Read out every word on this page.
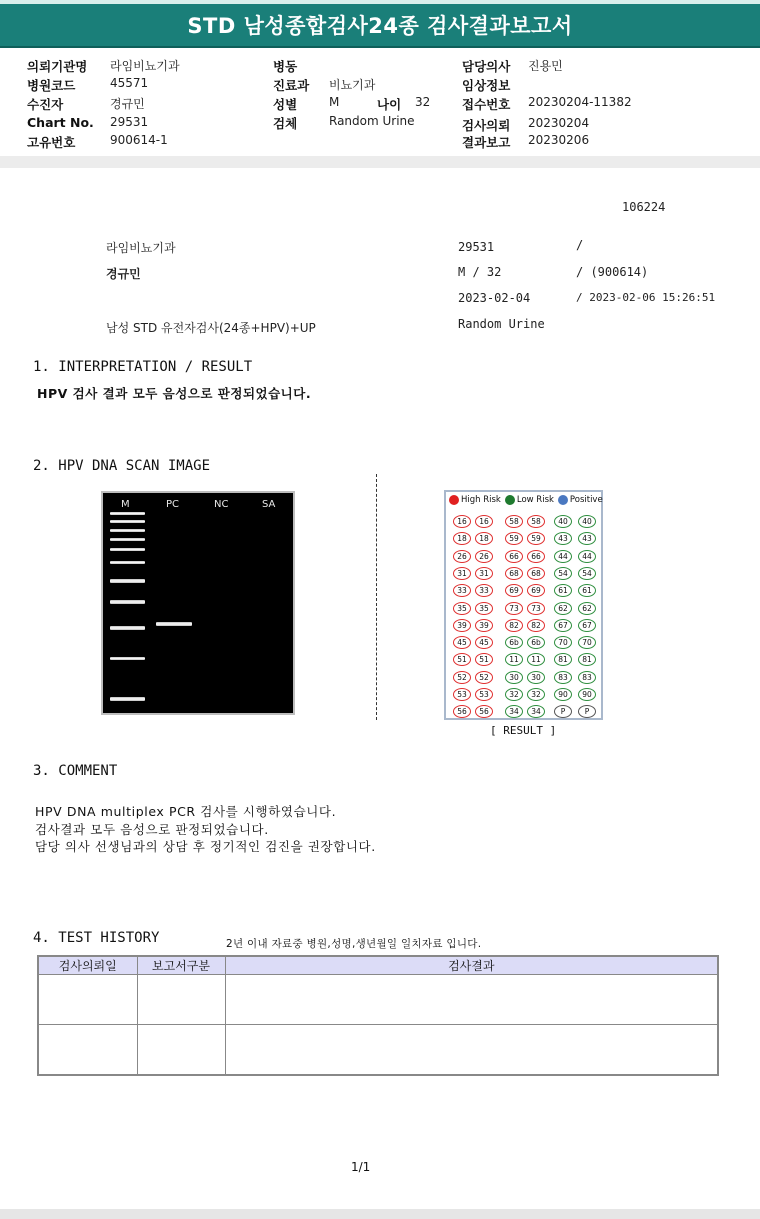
STD 남성종합검사24종 검사결과보고서
의뢰기관명 라임비뇨기과
병원코드	45571
수진자	경규민
Chart No. 29531
고유번호	900614-1
병동
진료과 비뇨기과
성별	M	나이 32
검체	Random Urine
담당의사 진용민
임상정보
접수번호 20230204-11382
검사의뢰 20230204
결과보고 20230206
106224
라임비뇨기과	29531	/
경규민	M / 32	/ (900614)
2023-02-04	/ 2023-02-06 15:26:51
남성 STD 유전자검사(24종+HPV)+UP	Random Urine
1. INTERPRETATION / RESULT
HPV 검사 결과 모두 음성으로 판정되었습니다.
2. HPV DNA SCAN IMAGE
M	PC	NC	SA	High Risk Low Risk Positive
16	16	58	58	40	40
18	18	59	59	43	43
26	26	66	66	44	44
31	31	68	68	54	54
33	33	69	69	61	61
35	35	73	73	62	62
39	39	82	82	67	67
45	45	6b	6b	70	70
51	51	11	11	81	81
52	52	30	30	83	83
53	53	32	32	90	90
56	56	34	34	P	P
[ RESULT ]
3. COMMENT
HPV DNA multiplex PCR 검사를 시행하였습니다.
검사결과 모두 음성으로 판정되었습니다.
담당 의사 선생님과의 상담 후 정기적인 검진을 권장합니다.
4. TEST HISTORY	2년 이내 자료중 병원,성명,생년월일 일치자료 입니다.
검사의뢰일	보고서구분	검사결과

1/1
